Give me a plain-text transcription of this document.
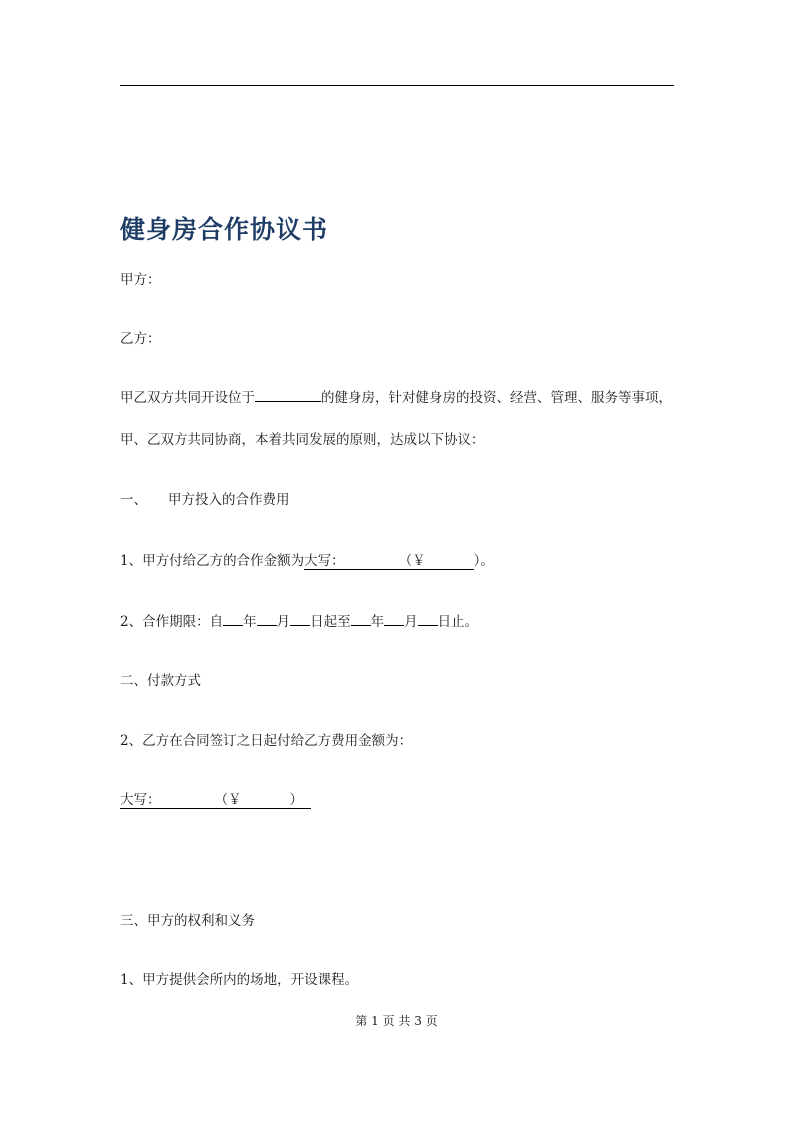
健身房合作协议书

甲方：

乙方：

甲乙双方共同开设位于	的健身房，针对健身房的投资、经营、管理、服务等事项，

甲、乙双方共同协商，本着共同发展的原则，达成以下协议：

一、 甲方投入的合作费用

1、甲方付给乙方的合作金额为大写：	（￥	）。

2、合作期限：自 年 月 日起至 年 月 日止。

二、付款方式

2、乙方在合同签订之日起付给乙方费用金额为：

大写：	（￥	）

三、甲方的权利和义务

1、甲方提供会所内的场地，开设课程。

第 1 页 共 3 页
